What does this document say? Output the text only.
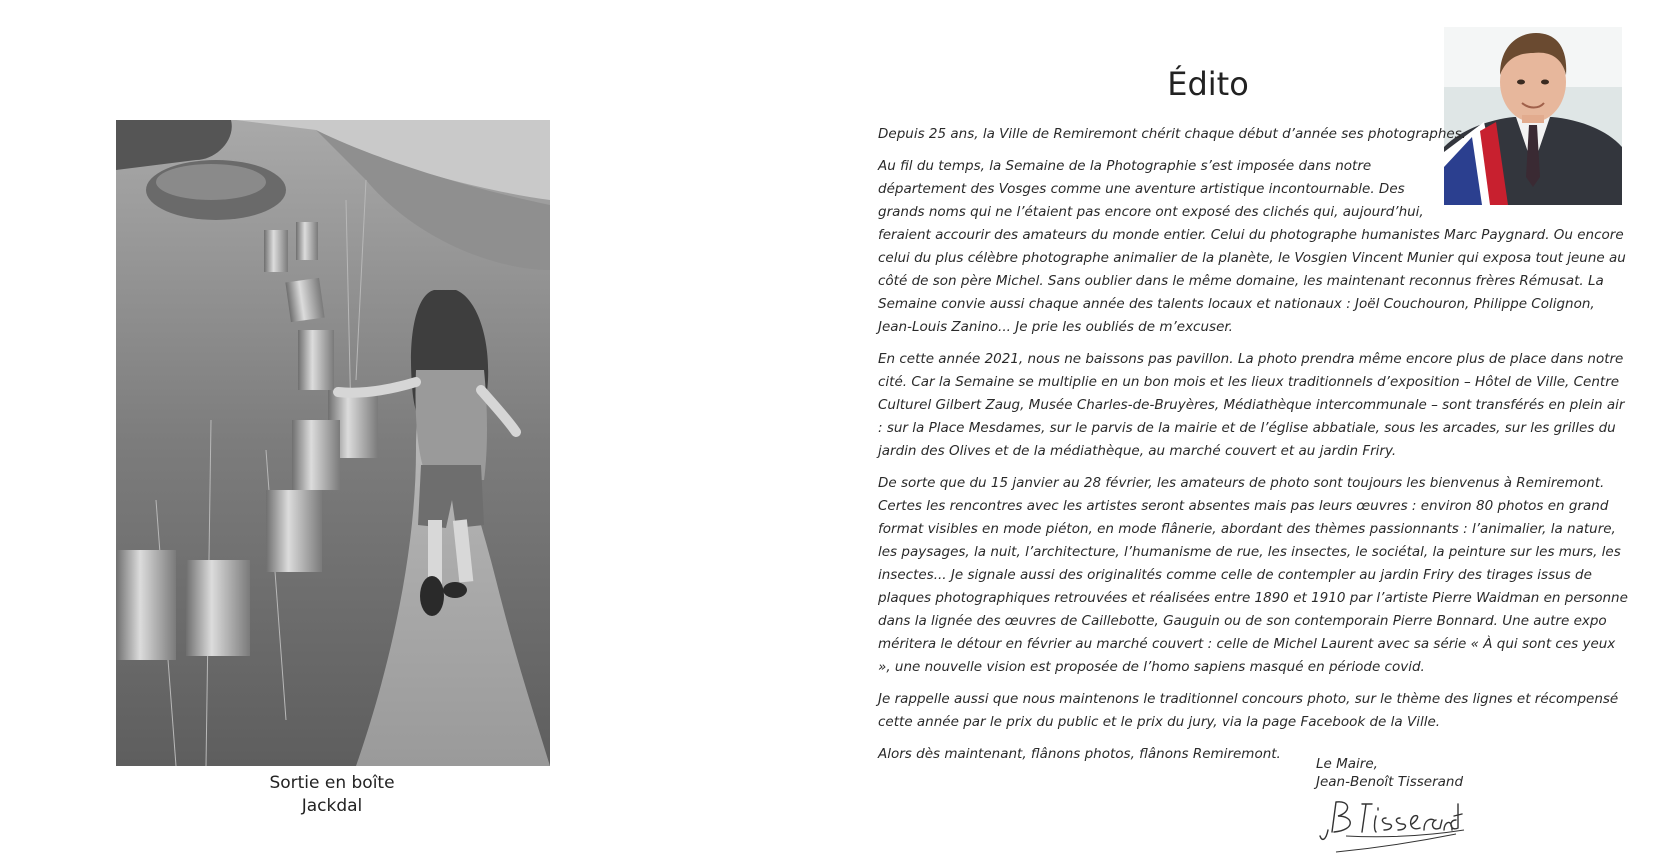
Sortie en boîte
Jackdal
Édito

Depuis 25 ans, la Ville de Remiremont chérit chaque début d’année ses photographes.

Au fil du temps, la Semaine de la Photographie s’est imposée dans notre département des Vosges comme une aventure artistique incontournable. Des grands noms qui ne l’étaient pas encore ont exposé des clichés qui, aujourd’hui, feraient accourir des amateurs du monde entier. Celui du photographe humanistes Marc Paygnard. Ou encore celui du plus célèbre photographe animalier de la planète, le Vosgien Vincent Munier qui exposa tout jeune au côté de son père Michel. Sans oublier dans le même domaine, les maintenant reconnus frères Rémusat. La Semaine convie aussi chaque année des talents locaux et nationaux : Joël Couchouron, Philippe Colignon, Jean-Louis Zanino... Je prie les oubliés de m’excuser.

En cette année 2021, nous ne baissons pas pavillon. La photo prendra même encore plus de place dans notre cité. Car la Semaine se multiplie en un bon mois et les lieux traditionnels d’exposition – Hôtel de Ville, Centre Culturel Gilbert Zaug, Musée Charles-de-Bruyères, Médiathèque intercommunale – sont transférés en plein air : sur la Place Mesdames, sur le parvis de la mairie et de l’église abbatiale, sous les arcades, sur les grilles du jardin des Olives et de la médiathèque, au marché couvert et au jardin Friry.

De sorte que du 15 janvier au 28 février, les amateurs de photo sont toujours les bienvenus à Remiremont. Certes les rencontres avec les artistes seront absentes mais pas leurs œuvres : environ 80 photos en grand format visibles en mode piéton, en mode flânerie, abordant des thèmes passionnants : l’animalier, la nature, les paysages, la nuit, l’architecture, l’humanisme de rue, les insectes, le sociétal, la peinture sur les murs, les insectes... Je signale aussi des originalités comme celle de contempler au jardin Friry des tirages issus de plaques photographiques retrouvées et réalisées entre 1890 et 1910 par l’artiste Pierre Waidman en personne dans la lignée des œuvres de Caillebotte, Gauguin ou de son contemporain Pierre Bonnard. Une autre expo méritera le détour en février au marché couvert : celle de Michel Laurent avec sa série « À qui sont ces yeux », une nouvelle vision est proposée de l’homo sapiens masqué en période covid.

Je rappelle aussi que nous maintenons le traditionnel concours photo, sur le thème des lignes et récompensé cette année par le prix du public et le prix du jury, via la page Facebook de la Ville.

Alors dès maintenant, flânons photos, flânons Remiremont.

Le Maire,
Jean-Benoît Tisserand
